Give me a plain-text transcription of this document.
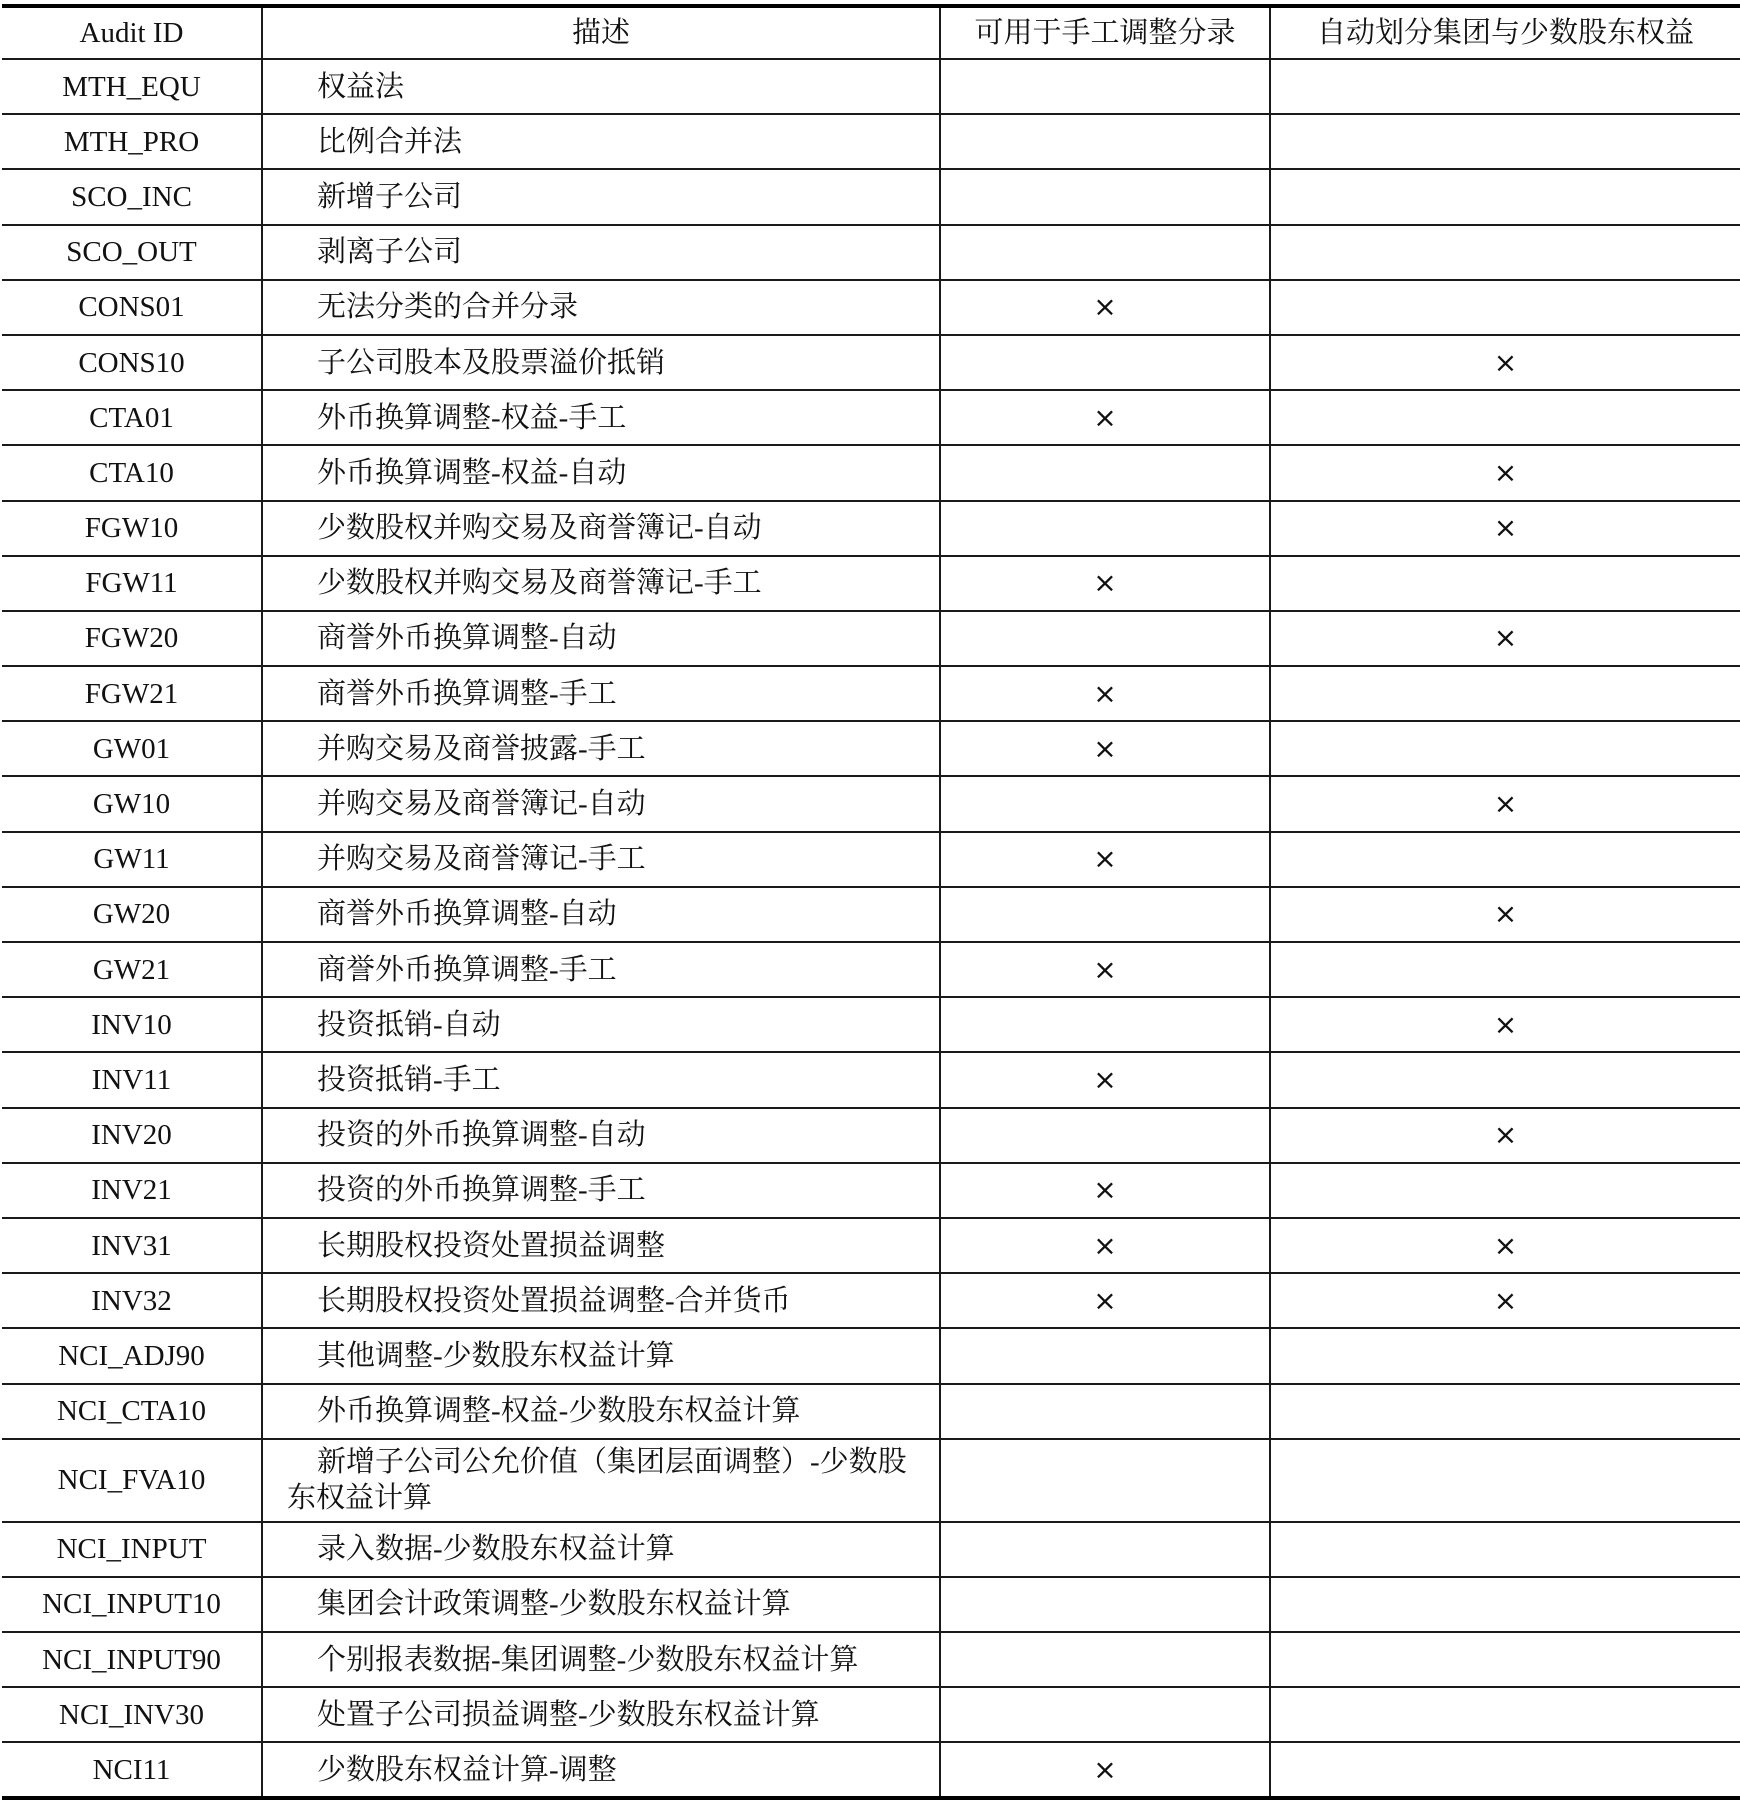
Audit ID	描述	可用于手工调整分录	自动划分集团与少数股东权益
MTH_EQU	权益法		
MTH_PRO	比例合并法		
SCO_INC	新增子公司		
SCO_OUT	剥离子公司		
CONS01	无法分类的合并分录	×	
CONS10	子公司股本及股票溢价抵销		×
CTA01	外币换算调整-权益-手工	×	
CTA10	外币换算调整-权益-自动		×
FGW10	少数股权并购交易及商誉簿记-自动		×
FGW11	少数股权并购交易及商誉簿记-手工	×	
FGW20	商誉外币换算调整-自动		×
FGW21	商誉外币换算调整-手工	×	
GW01	并购交易及商誉披露-手工	×	
GW10	并购交易及商誉簿记-自动		×
GW11	并购交易及商誉簿记-手工	×	
GW20	商誉外币换算调整-自动		×
GW21	商誉外币换算调整-手工	×	
INV10	投资抵销-自动		×
INV11	投资抵销-手工	×	
INV20	投资的外币换算调整-自动		×
INV21	投资的外币换算调整-手工	×	
INV31	长期股权投资处置损益调整	×	×
INV32	长期股权投资处置损益调整-合并货币	×	×
NCI_ADJ90	其他调整-少数股东权益计算		
NCI_CTA10	外币换算调整-权益-少数股东权益计算		
NCI_FVA10	新增子公司公允价值（集团层面调整）-少数股东权益计算		
NCI_INPUT	录入数据-少数股东权益计算		
NCI_INPUT10	集团会计政策调整-少数股东权益计算		
NCI_INPUT90	个别报表数据-集团调整-少数股东权益计算		
NCI_INV30	处置子公司损益调整-少数股东权益计算		
NCI11	少数股东权益计算-调整	×	
